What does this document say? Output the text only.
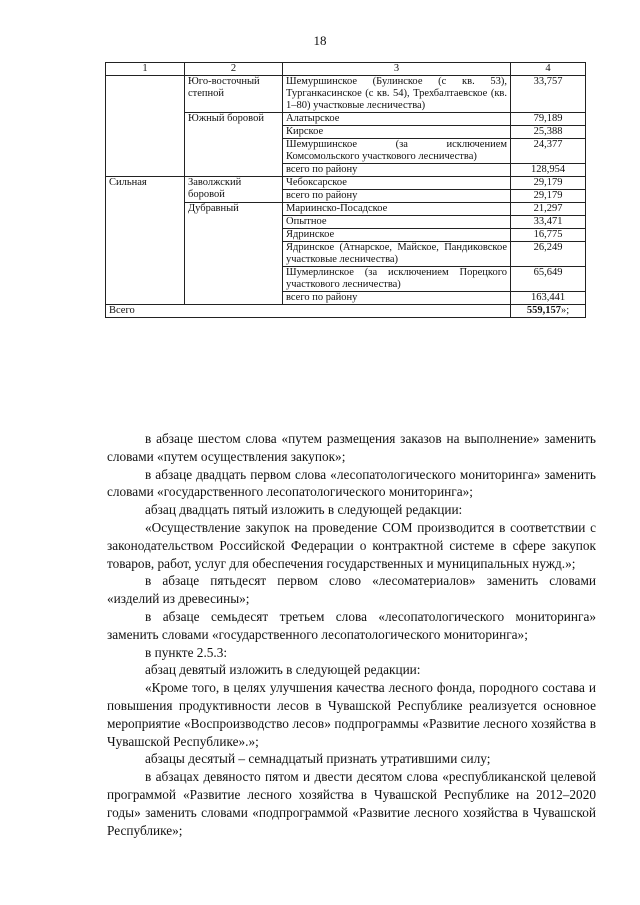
18
1	2	3	4
	Юго-восточный степной	Шемуршинское (Булинское (с кв. 53), Турганкасинское (с кв. 54), Трехбалтаевское (кв. 1–80) участковые лесничества)	33,757
	Южный боровой	Алатырское	79,189
		Кирское	25,388
		Шемуршинское (за исключением Комсомольского участкового лесничества)	24,377
		всего по району	128,954
Сильная	Заволжский боровой	Чебоксарское	29,179
		всего по району	29,179
	Дубравный	Мариинско-Посадское	21,297
		Опытное	33,471
		Ядринское	16,775
		Ядринское (Атнарское, Майское, Пандиковское участковые лесничества)	26,249
		Шумерлинское (за исключением Порецкого участкового лесничества)	65,649
		всего по району	163,441
Всего			559,157»;

в абзаце шестом слова «путем размещения заказов на выполнение» заменить словами «путем осуществления закупок»;

в абзаце двадцать первом слова «лесопатологического мониторинга» заменить словами «государственного лесопатологического мониторинга»;

абзац двадцать пятый изложить в следующей редакции:

«Осуществление закупок на проведение СОМ производится в соответствии с законодательством Российской Федерации о контрактной системе в сфере закупок товаров, работ, услуг для обеспечения государственных и муниципальных нужд.»;

в абзаце пятьдесят первом слово «лесоматериалов» заменить словами «изделий из древесины»;

в абзаце семьдесят третьем слова «лесопатологического мониторинга» заменить словами «государственного лесопатологического мониторинга»;

в пункте 2.5.3:

абзац девятый изложить в следующей редакции:

«Кроме того, в целях улучшения качества лесного фонда, породного состава и повышения продуктивности лесов в Чувашской Республике реализуется основное мероприятие «Воспроизводство лесов» подпрограммы «Развитие лесного хозяйства в Чувашской Республике».»;

абзацы десятый – семнадцатый признать утратившими силу;

в абзацах девяносто пятом и двести десятом слова «республиканской целевой программой «Развитие лесного хозяйства в Чувашской Республике на 2012–2020 годы» заменить словами «подпрограммой «Развитие лесного хозяйства в Чувашской Республике»;
